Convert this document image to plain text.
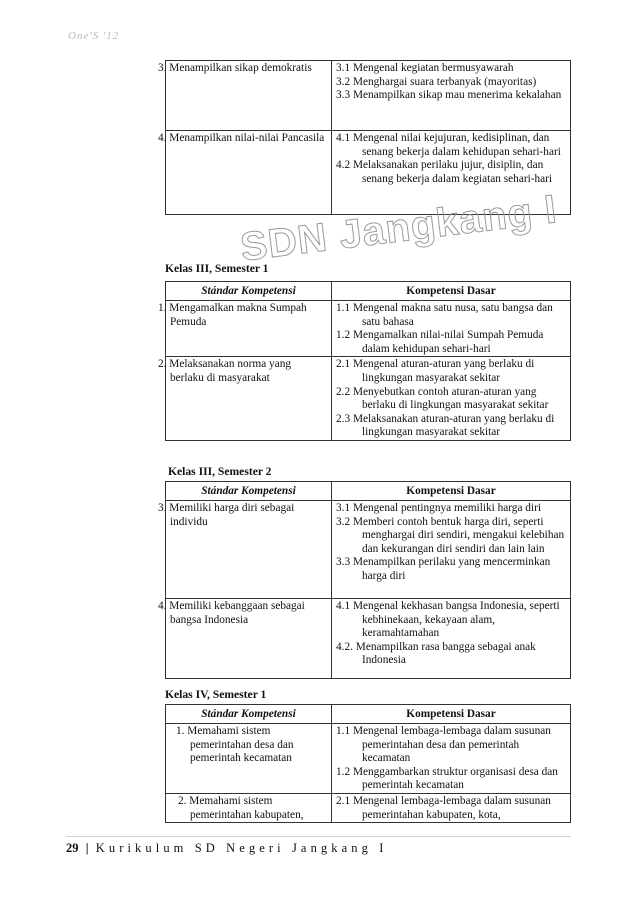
One'S '12
3. Menampilkan sikap demokratis	3.1 Mengenal kegiatan bermusyawarah
3.2 Menghargai suara terbanyak (mayoritas)
3.3 Menampilkan sikap mau menerima kekalahan

4. Menampilkan nilai-nilai Pancasila	4.1 Mengenal nilai kejujuran, kedisiplinan, dan senang bekerja dalam kehidupan sehari-hari
4.2 Melaksanakan perilaku jujur, disiplin, dan senang bekerja dalam kegiatan sehari-hari
SDN Jangkang I
Kelas III, Semester 1
Stándar Kompetensi	Kompetensi Dasar
1. Mengamalkan makna Sumpah Pemuda	1.1 Mengenal makna satu nusa, satu bangsa dan satu bahasa
1.2 Mengamalkan nilai-nilai Sumpah Pemuda dalam kehidupan sehari-hari

2. Melaksanakan norma yang berlaku di masyarakat	2.1 Mengenal aturan-aturan yang berlaku di lingkungan masyarakat sekitar
2.2 Menyebutkan contoh aturan-aturan yang berlaku di lingkungan masyarakat sekitar
2.3 Melaksanakan aturan-aturan yang berlaku di lingkungan masyarakat sekitar
Kelas III, Semester 2
Stándar Kompetensi	Kompetensi Dasar
3. Memiliki harga diri sebagai individu	3.1 Mengenal pentingnya memiliki harga diri
3.2 Memberi contoh bentuk harga diri, seperti menghargai diri sendiri, mengakui kelebihan dan kekurangan diri sendiri dan lain lain
3.3 Menampilkan perilaku yang mencerminkan harga diri

4. Memiliki kebanggaan sebagai bangsa Indonesia	4.1 Mengenal kekhasan bangsa Indonesia, seperti kebhinekaan, kekayaan alam, keramahtamahan
4.2. Menampilkan rasa bangga sebagai anak Indonesia
Kelas IV, Semester 1
Stándar Kompetensi	Kompetensi Dasar
1. Memahami sistem pemerintahan desa dan pemerintah kecamatan	1.1 Mengenal lembaga-lembaga dalam susunan pemerintahan desa dan pemerintah kecamatan
1.2 Menggambarkan struktur organisasi desa dan pemerintah kecamatan

2. Memahami sistem pemerintahan kabupaten,	2.1 Mengenal lembaga-lembaga dalam susunan pemerintahan kabupaten, kota,
29 | Kurikulum SD Negeri Jangkang I
